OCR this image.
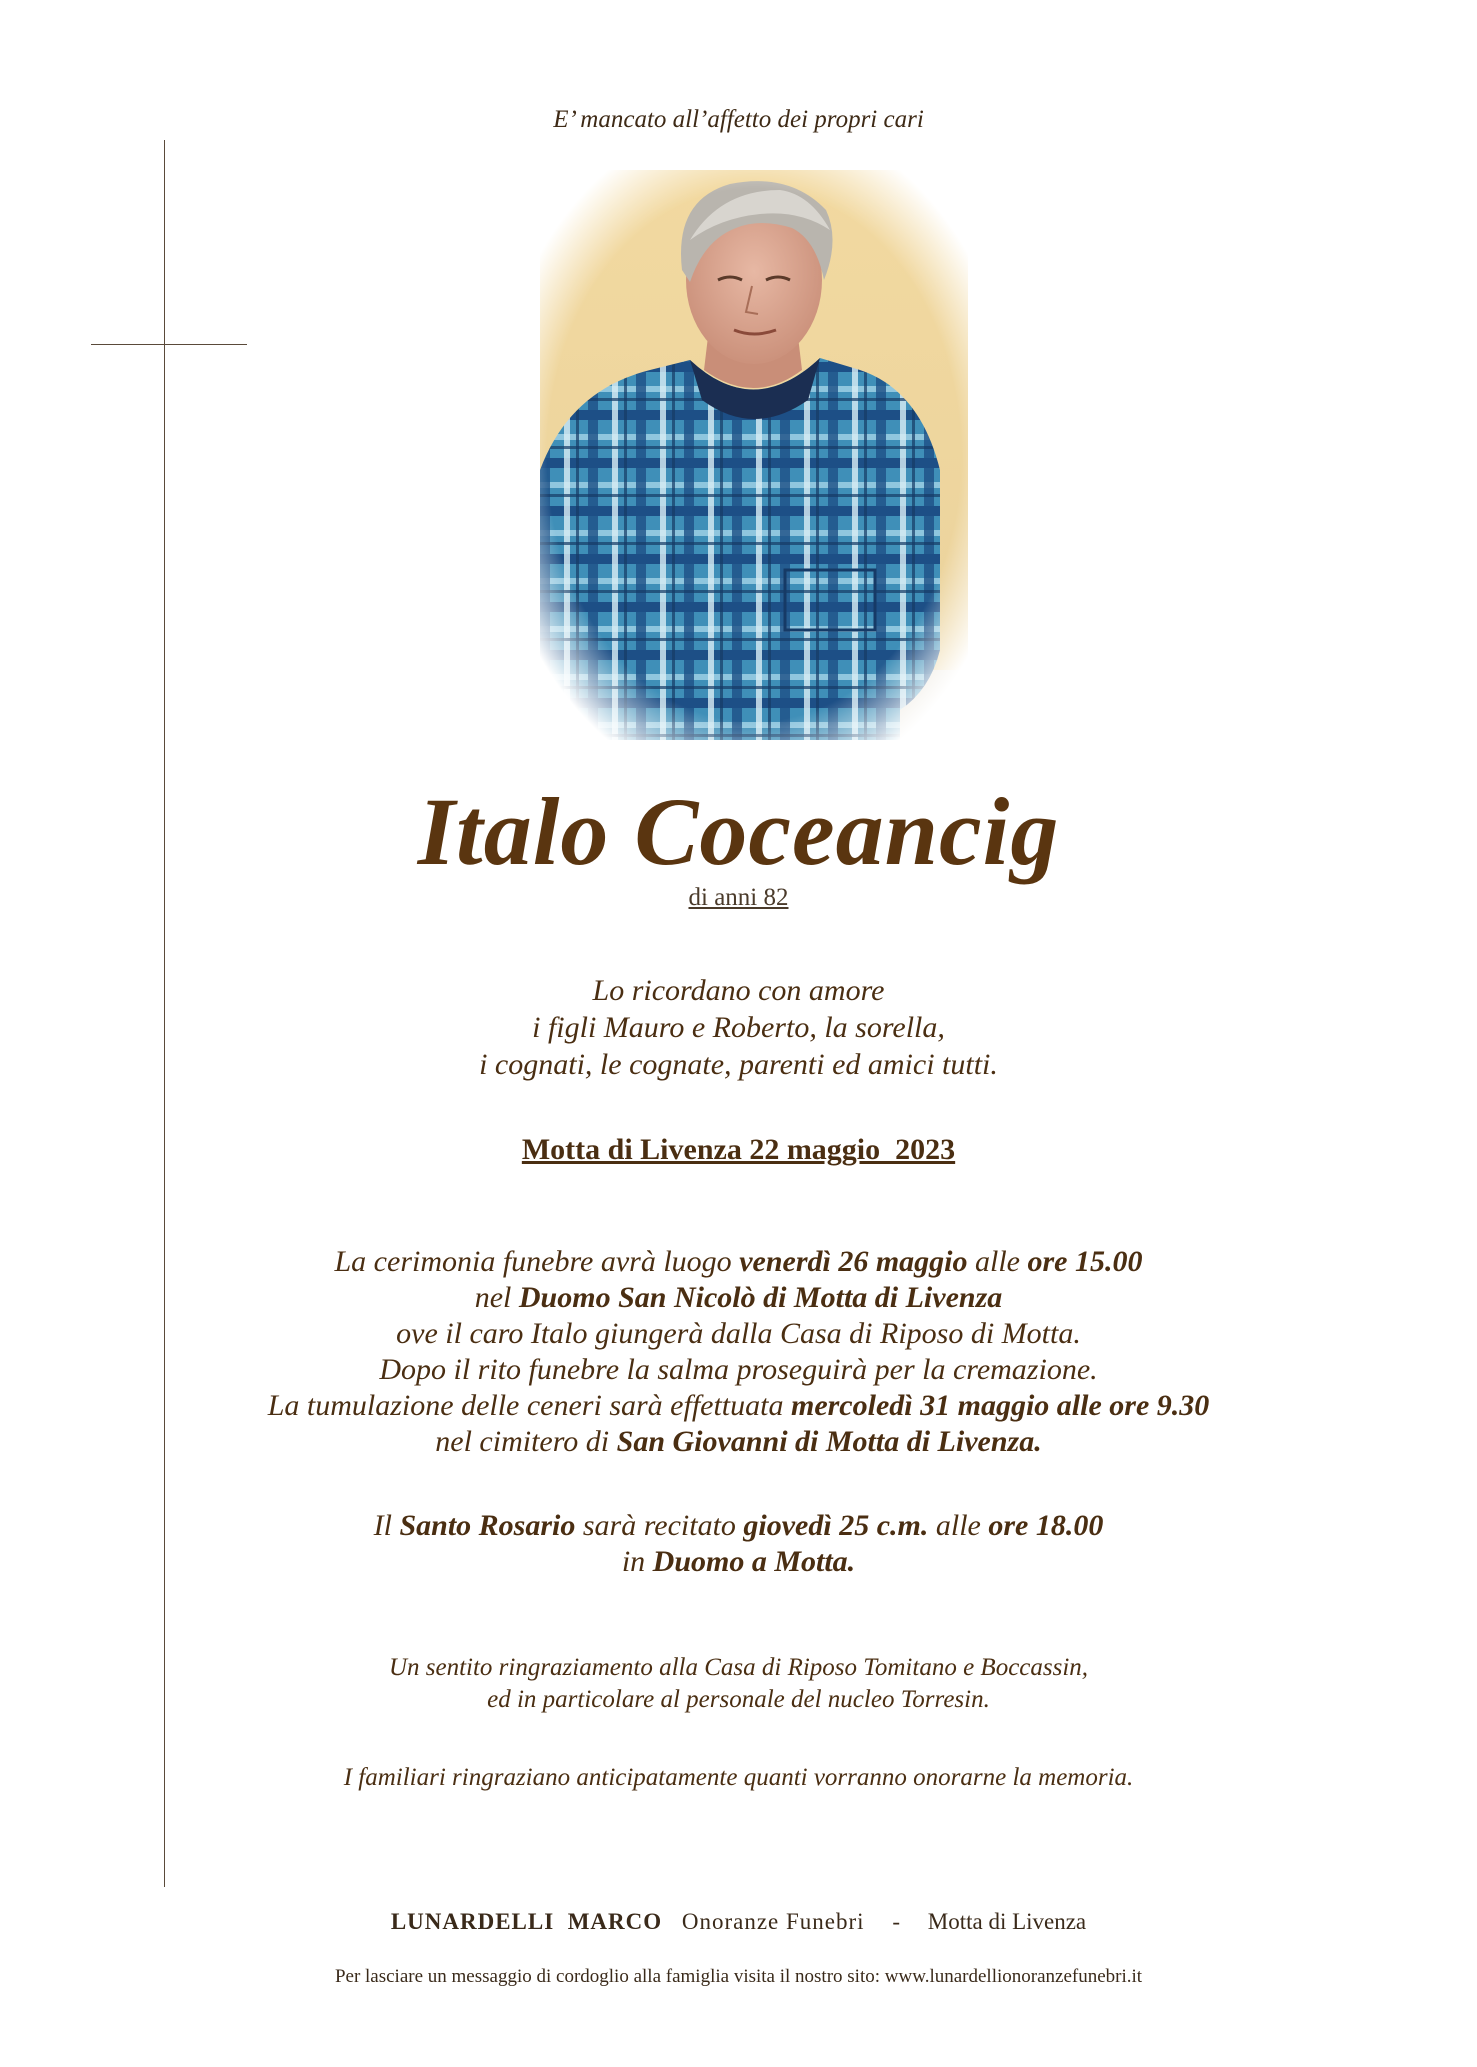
E’ mancato all’affetto dei propri cari
Italo Coceancig
di anni 82
Lo ricordano con amore
i figli Mauro e Roberto, la sorella,
i cognati, le cognate, parenti ed amici tutti.
Motta di Livenza 22 maggio  2023
La cerimonia funebre avrà luogo venerdì 26 maggio alle ore 15.00
nel Duomo San Nicolò di Motta di Livenza
ove il caro Italo giungerà dalla Casa di Riposo di Motta.
Dopo il rito funebre la salma proseguirà per la cremazione.
La tumulazione delle ceneri sarà effettuata mercoledì 31 maggio alle ore 9.30
nel cimitero di San Giovanni di Motta di Livenza.
Il Santo Rosario sarà recitato giovedì 25 c.m. alle ore 18.00
in Duomo a Motta.
Un sentito ringraziamento alla Casa di Riposo Tomitano e Boccassin,
ed in particolare al personale del nucleo Torresin.
I familiari ringraziano anticipatamente quanti vorranno onorarne la memoria.
LUNARDELLI  MARCO Onoranze Funebri - Motta di Livenza
Per lasciare un messaggio di cordoglio alla famiglia visita il nostro sito: www.lunardellionoranzefunebri.it
